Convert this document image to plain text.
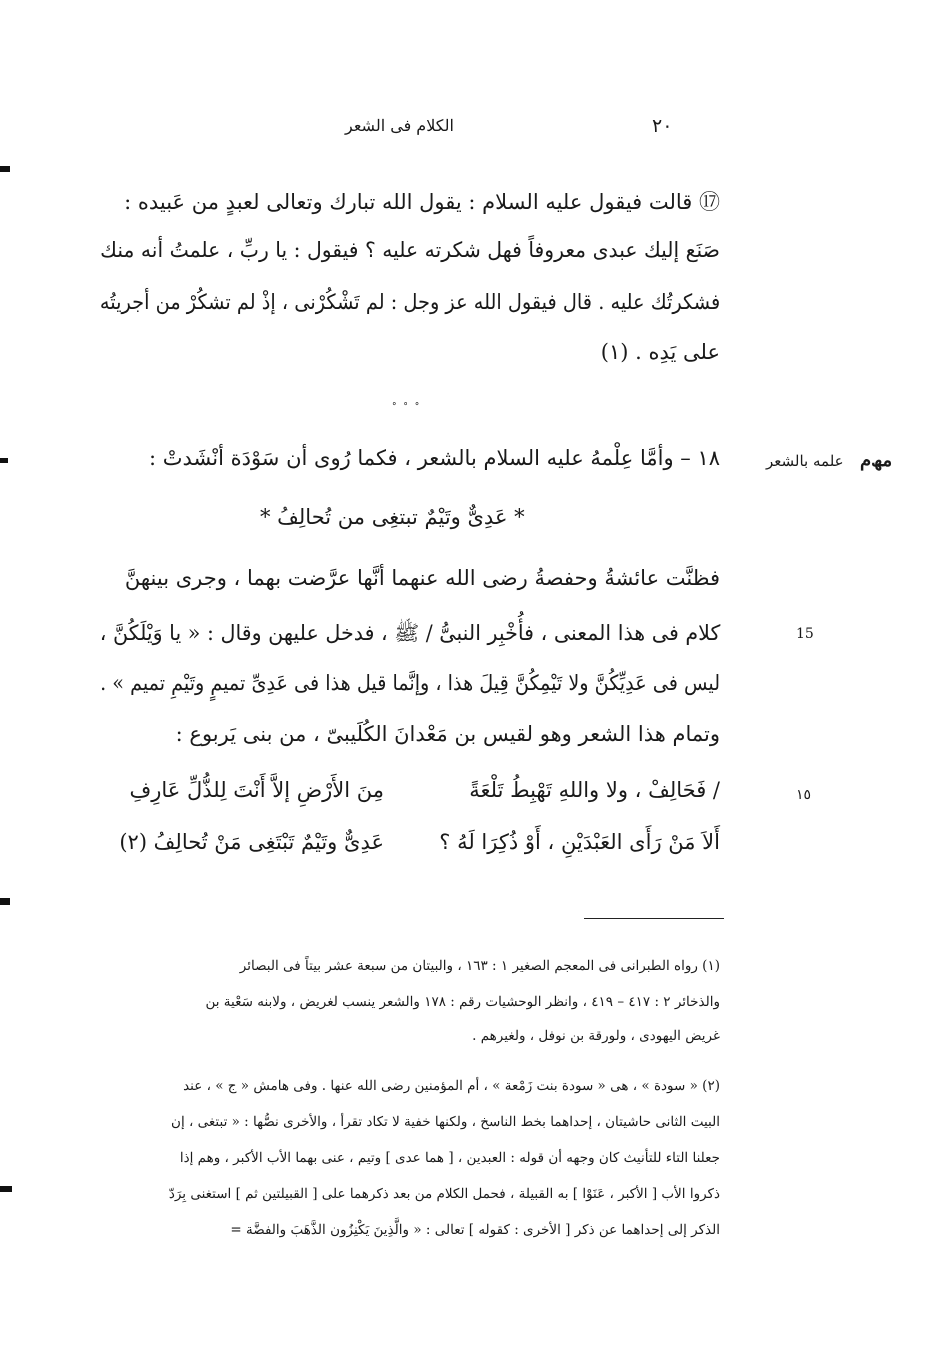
٢٠
الكلام فى الشعر
⑰ قالت فيقول عليه السلام : يقول الله تبارك وتعالى لعبدٍ من عَبيده :
صَنَع إليك عبدى معروفاً فهل شكرته عليه ؟ فيقول : يا ربِّ ، علمتُ أنه منك
فشكرتُك عليه . قال فيقول الله عز وجل : لم تَشْكُرْنى ، إذْ لم تشكُرْ من أجريتُه
على يَدِه . (١)
° ° °
علمه بالشعر ﻣﮫ‌م
١٨ – وأمَّا عِلْمهُ عليه السلام بالشعر ، فكما رُوى أن سَوْدَة أنْشَدتْ :
* عَدِىٌّ وتَيْمٌ تبتغِى من تُحالِفُ *
فظنَّت عائشةُ وحفصةُ رضى الله عنهما أنَّها عرَّضت بهما ، وجرى بينهنَّ
كلام فى هذا المعنى ، فأُخْبِر النبىُّ / ﷺ ، فدخل عليهن وقال : « يا وَيْلَكُنَّ ،
ليس فى عَدِيِّكُنَّ ولا تَيْمِكُنَّ قِيلَ هذا ، وإنَّما قيل هذا فى عَدِىِّ تميمٍ وتَيْمِ تميم » .
وتمام هذا الشعر وهو لقيس بن مَعْدانَ الكُلَيبىّ ، من بنى يَربوع :
/ فَحَالِفْ ، ولا واللهِ تَهْبِطُ تَلْعَةً
مِنَ الأَرْضِ إلاَّ أَنْتَ لِلذُّلِّ عَارِفِ
أَلاَ مَنْ رَأَى العَبْدَيْنِ ، أَوْ ذُكِرَا لَهُ ؟
عَدِىٌّ وتَيْمٌ تَبْتَغِى مَنْ تُحالِفُ (٢)
15
١٥
(١) رواه الطبرانى فى المعجم الصغير ١ : ١٦٣ ، والبيتان من سبعة عشر بيتاً فى البصائر
والذخائر ٢ : ٤١٧ – ٤١٩ ، وانظر الوحشيات رقم : ١٧٨ والشعر ينسب لغريض ، ولابنه سَعْية بن
غريض اليهودى ، ولورقة بن نوفل ، ولغيرهم .
(٢) « سودة » ، هى « سودة بنت زَمْعة » ، أم المؤمنين رضى الله عنها . وفى هامش « ج » ، عند
البيت الثانى حاشيتان ، إحداهما بخط الناسخ ، ولكنها خفية لا تكاد تقرأ ، والأخرى نصُّها : « تبتغى ، إن
جعلنا التاء للتأنيث كان وجهه أن قوله : العبدين ، [ هما عدى ] وتيم ، عنى بهما الأب الأكبر ، وهم إذا
ذكروا الأب [ الأكبر ، عَنَوْا ] به القبيلة ، فحمل الكلام من بعد ذكرهما على [ القبيلتين ثم ] استغنى بِرَدّ
الذكر إلى إحداهما عن ذكر [ الأخرى : كقوله ] تعالى : « والَّذِينَ يَكْنِزُون الذَّهَبَ والفضَّة =
